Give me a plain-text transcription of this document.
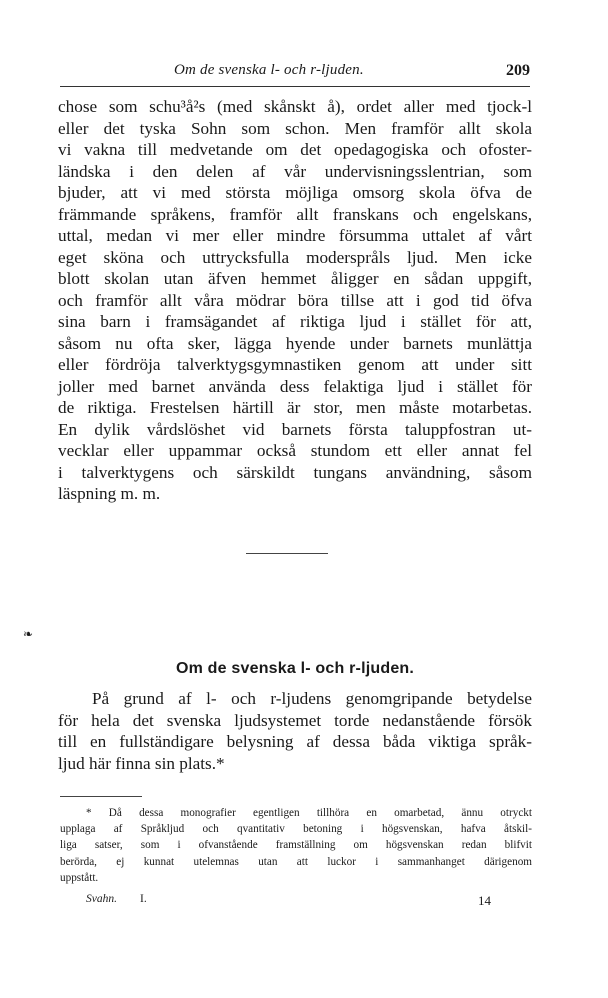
Om de svenska l- och r-ljuden.	209
chose som schu³å²s (med skånskt å), ordet aller med tjock-l
eller det tyska Sohn som schon. Men framför allt skola
vi vakna till medvetande om det opedagogiska och ofoster-
ländska i den delen af vår undervisningsslentrian, som
bjuder, att vi med största möjliga omsorg skola öfva de
främmande språkens, framför allt franskans och engelskans,
uttal, medan vi mer eller mindre försumma uttalet af vårt
eget sköna och uttrycksfulla moderspråls ljud. Men icke
blott skolan utan äfven hemmet åligger en sådan uppgift,
och framför allt våra mödrar böra tillse att i god tid öfva
sina barn i framsägandet af riktiga ljud i stället för att,
såsom nu ofta sker, lägga hyende under barnets munlättja
eller fördröja talverktygsgymnastiken genom att under sitt
joller med barnet använda dess felaktiga ljud i stället för
de riktiga. Frestelsen härtill är stor, men måste motarbetas.
En dylik vårdslöshet vid barnets första taluppfostran ut-
vecklar eller uppammar också stundom ett eller annat fel
i talverktygens och särskildt tungans användning, såsom
läspning m. m.
❧
Om de svenska l- och r-ljuden.
På grund af l- och r-ljudens genomgripande betydelse
för hela det svenska ljudsystemet torde nedanstående försök
till en fullständigare belysning af dessa båda viktiga språk-
ljud här finna sin plats.*
* Då dessa monografier egentligen tillhöra en omarbetad, ännu otryckt
upplaga af Språkljud och qvantitativ betoning i högsvenskan, hafva åtskil-
liga satser, som i ofvanstående framställning om högsvenskan redan blifvit
berörda, ej kunnat utelemnas utan att luckor i sammanhanget därigenom
uppstått.
Svahn. I.	14
